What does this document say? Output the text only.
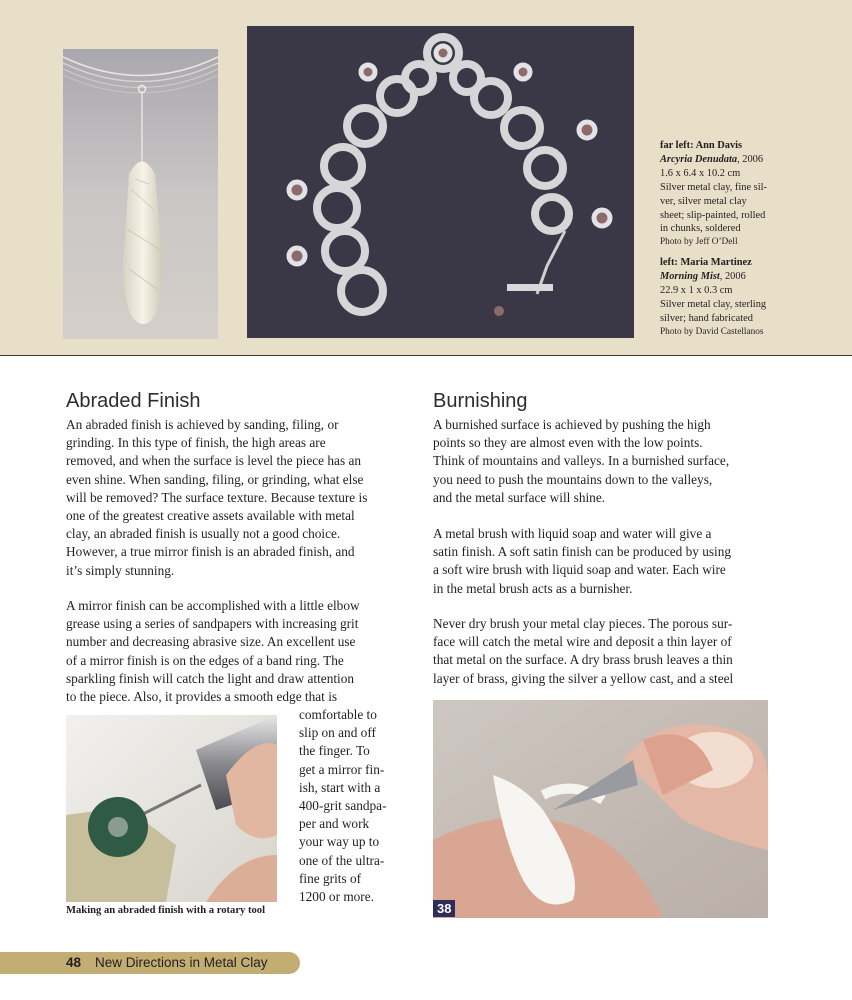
far left: Ann Davis
Arcyria Denudata, 2006
1.6 x 6.4 x 10.2 cm
Silver metal clay, fine sil-
ver, silver metal clay
sheet; slip-painted, rolled
in chunks, soldered
Photo by Jeff O’Dell
left: Maria Martinez
Morning Mist, 2006
22.9 x 1 x 0.3 cm
Silver metal clay, sterling
silver; hand fabricated
Photo by David Castellanos
Abraded Finish
An abraded finish is achieved by sanding, filing, or
grinding. In this type of finish, the high areas are
removed, and when the surface is level the piece has an
even shine. When sanding, filing, or grinding, what else
will be removed? The surface texture. Because texture is
one of the greatest creative assets available with metal
clay, an abraded finish is usually not a good choice.
However, a true mirror finish is an abraded finish, and
it’s simply stunning.
A mirror finish can be accomplished with a little elbow
grease using a series of sandpapers with increasing grit
number and decreasing abrasive size. An excellent use
of a mirror finish is on the edges of a band ring. The
sparkling finish will catch the light and draw attention
to the piece. Also, it provides a smooth edge that is
comfortable to
slip on and off
the finger. To
get a mirror fin-
ish, start with a
400-grit sandpa-
per and work
your way up to
one of the ultra-
fine grits of
1200 or more.
Making an abraded finish with a rotary tool
Burnishing
A burnished surface is achieved by pushing the high
points so they are almost even with the low points.
Think of mountains and valleys. In a burnished surface,
you need to push the mountains down to the valleys,
and the metal surface will shine.
A metal brush with liquid soap and water will give a
satin finish. A soft satin finish can be produced by using
a soft wire brush with liquid soap and water. Each wire
in the metal brush acts as a burnisher.
Never dry brush your metal clay pieces. The porous sur-
face will catch the metal wire and deposit a thin layer of
that metal on the surface. A dry brass brush leaves a thin
layer of brass, giving the silver a yellow cast, and a steel
38
48 New Directions in Metal Clay
